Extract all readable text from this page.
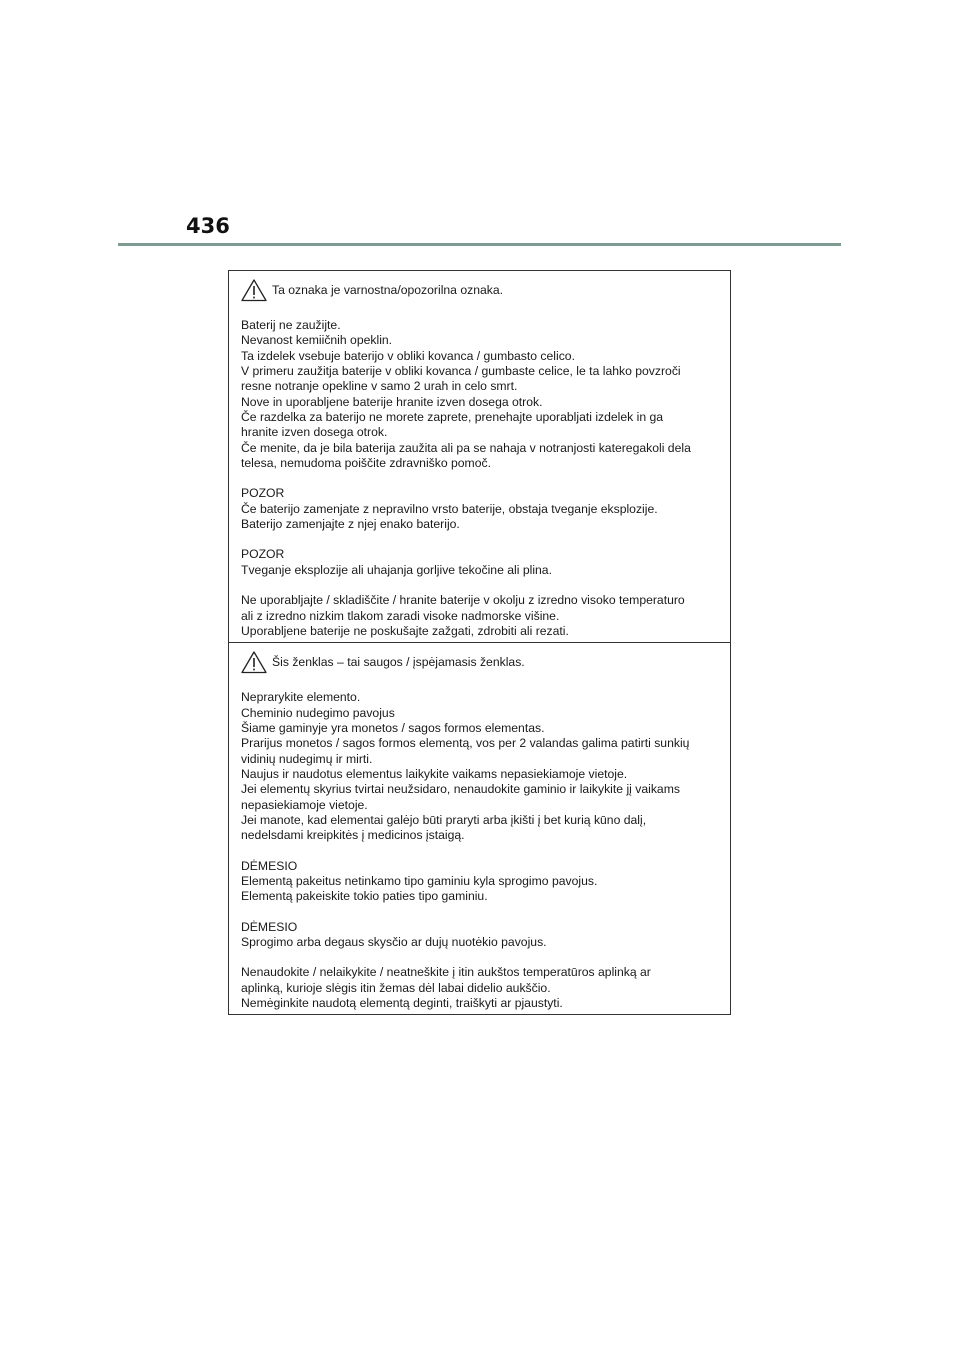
436
Ta oznaka je varnostna/opozorilna oznaka.
Baterij ne zaužijte.
Nevanost kemiičnih opeklin.
Ta izdelek vsebuje baterijo v obliki kovanca / gumbasto celico.
V primeru zaužitja baterije v obliki kovanca / gumbaste celice, le ta lahko povzroči
resne notranje opekline v samo 2 urah in celo smrt.
Nove in uporabljene baterije hranite izven dosega otrok.
Če razdelka za baterijo ne morete zaprete, prenehajte uporabljati izdelek in ga
hranite izven dosega otrok.
Če menite, da je bila baterija zaužita ali pa se nahaja v notranjosti kateregakoli dela
telesa, nemudoma poiščite zdravniško pomoč.
POZOR
Če baterijo zamenjate z nepravilno vrsto baterije, obstaja tveganje eksplozije.
Baterijo zamenjajte z njej enako baterijo.
POZOR
Tveganje eksplozije ali uhajanja gorljive tekočine ali plina.
Ne uporabljajte / skladiščite / hranite baterije v okolju z izredno visoko temperaturo
ali z izredno nizkim tlakom zaradi visoke nadmorske višine.
Uporabljene baterije ne poskušajte zažgati, zdrobiti ali rezati.
Šis ženklas – tai saugos / įspėjamasis ženklas.
Neprarykite elemento.
Cheminio nudegimo pavojus
Šiame gaminyje yra monetos / sagos formos elementas.
Prarijus monetos / sagos formos elementą, vos per 2 valandas galima patirti sunkių
vidinių nudegimų ir mirti.
Naujus ir naudotus elementus laikykite vaikams nepasiekiamoje vietoje.
Jei elementų skyrius tvirtai neužsidaro, nenaudokite gaminio ir laikykite jį vaikams
nepasiekiamoje vietoje.
Jei manote, kad elementai galėjo būti praryti arba įkišti į bet kurią kūno dalį,
nedelsdami kreipkitės į medicinos įstaigą.
DĖMESIO
Elementą pakeitus netinkamo tipo gaminiu kyla sprogimo pavojus.
Elementą pakeiskite tokio paties tipo gaminiu.
DĖMESIO
Sprogimo arba degaus skysčio ar dujų nuotėkio pavojus.
Nenaudokite / nelaikykite / neatneškite į itin aukštos temperatūros aplinką ar
aplinką, kurioje slėgis itin žemas dėl labai didelio aukščio.
Nemėginkite naudotą elementą deginti, traiškyti ar pjaustyti.
